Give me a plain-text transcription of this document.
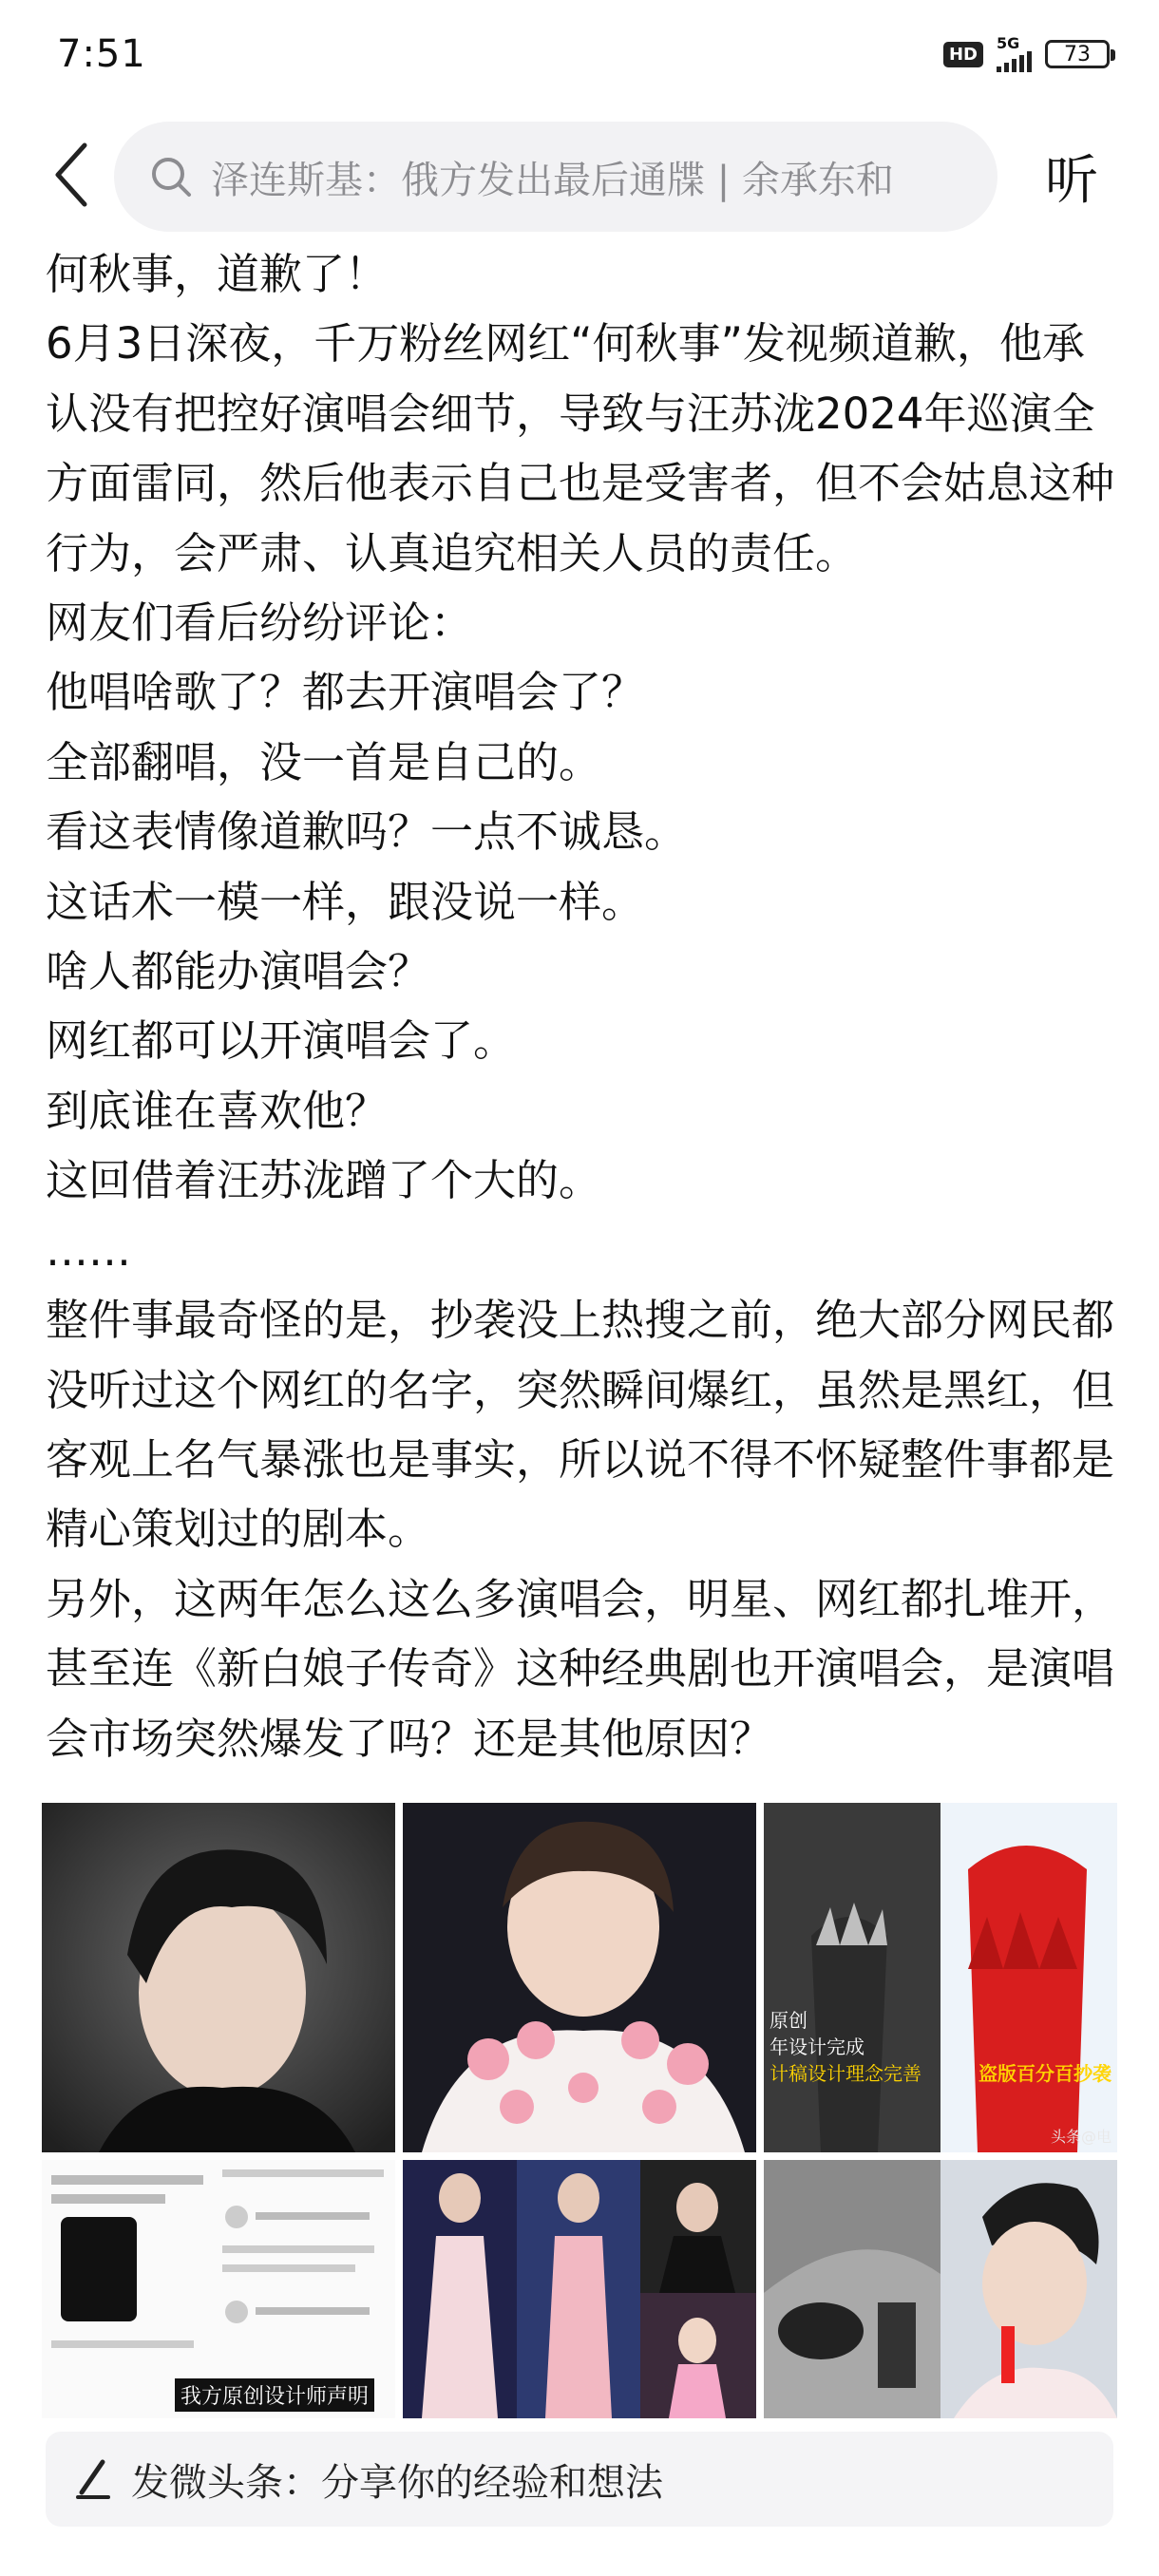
7:51	HD
5G 73
泽连斯基：俄方发出最后通牒 | 余承东和	听

何秋事，道歉了！

6月3日深夜，千万粉丝网红“何秋事”发视频道歉，他承认没有把控好演唱会细节，导致与汪苏泷2024年巡演全方面雷同，然后他表示自己也是受害者，但不会姑息这种行为，会严肃、认真追究相关人员的责任。

网友们看后纷纷评论：

他唱啥歌了？都去开演唱会了？

全部翻唱，没一首是自己的。

看这表情像道歉吗？一点不诚恳。

这话术一模一样，跟没说一样。

啥人都能办演唱会？

网红都可以开演唱会了。

到底谁在喜欢他？

这回借着汪苏泷蹭了个大的。

……

整件事最奇怪的是，抄袭没上热搜之前，绝大部分网民都没听过这个网红的名字，突然瞬间爆红，虽然是黑红，但客观上名气暴涨也是事实，所以说不得不怀疑整件事都是精心策划过的剧本。

另外，这两年怎么这么多演唱会，明星、网红都扎堆开，甚至连《新白娘子传奇》这种经典剧也开演唱会，是演唱会市场突然爆发了吗？还是其他原因？

原创
年设计完成
计稿设计理念完善	盗版百分百抄袭
头条@电
我方原创设计师声明
发微头条：分享你的经验和想法
